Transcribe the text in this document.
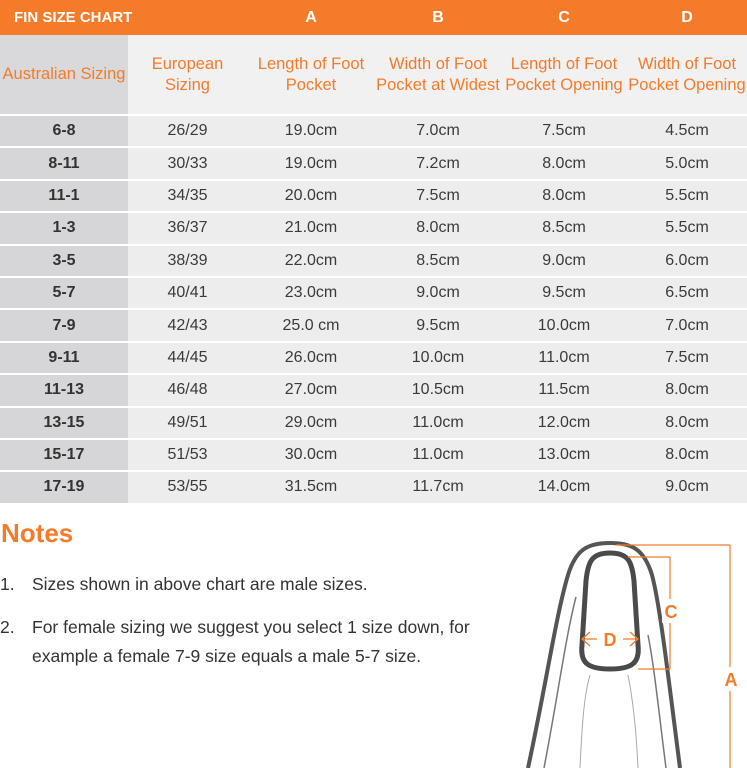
FIN SIZE CHART		A	B	C	D
Australian Sizing	European Sizing	Length of Foot Pocket	Width of Foot Pocket at Widest	Length of Foot Pocket Opening	Width of Foot Pocket Opening
6-8	26/29	19.0cm	7.0cm	7.5cm	4.5cm
8-11	30/33	19.0cm	7.2cm	8.0cm	5.0cm
11-1	34/35	20.0cm	7.5cm	8.0cm	5.5cm
1-3	36/37	21.0cm	8.0cm	8.5cm	5.5cm
3-5	38/39	22.0cm	8.5cm	9.0cm	6.0cm
5-7	40/41	23.0cm	9.0cm	9.5cm	6.5cm
7-9	42/43	25.0 cm	9.5cm	10.0cm	7.0cm
9-11	44/45	26.0cm	10.0cm	11.0cm	7.5cm
11-13	46/48	27.0cm	10.5cm	11.5cm	8.0cm
13-15	49/51	29.0cm	11.0cm	12.0cm	8.0cm
15-17	51/53	30.0cm	11.0cm	13.0cm	8.0cm
17-19	53/55	31.5cm	11.7cm	14.0cm	9.0cm
Notes
1. Sizes shown in above chart are male sizes.
2. For female sizing we suggest you select 1 size down, for example a female 7-9 size equals a male 5-7 size.
D
C
A
